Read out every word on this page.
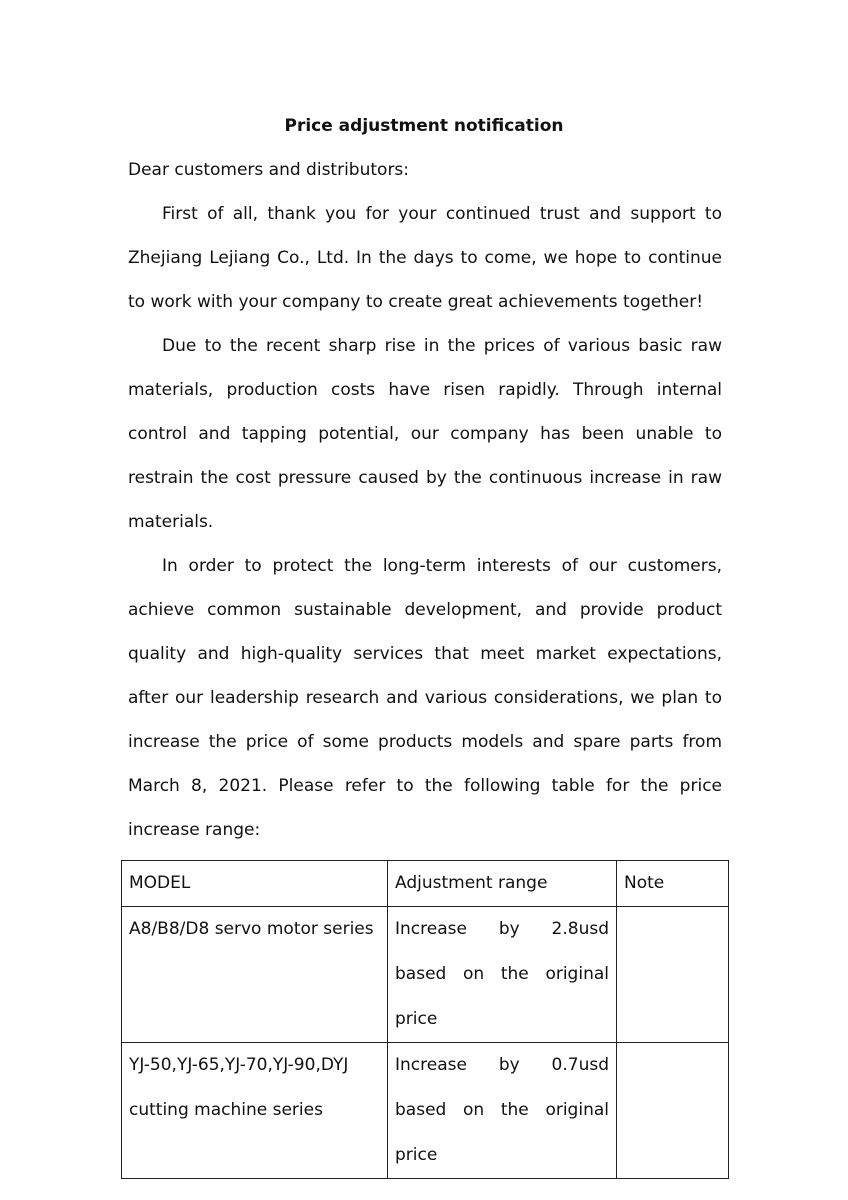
Price adjustment notification
Dear customers and distributors:

First of all, thank you for your continued trust and support to Zhejiang Lejiang Co., Ltd. In the days to come, we hope to continue to work with your company to create great achievements together!

Due to the recent sharp rise in the prices of various basic raw materials, production costs have risen rapidly. Through internal control and tapping potential, our company has been unable to restrain the cost pressure caused by the continuous increase in raw materials.

In order to protect the long-term interests of our customers, achieve common sustainable development, and provide product quality and high-quality services that meet market expectations, after our leadership research and various considerations, we plan to increase the price of some products models and spare parts from March 8, 2021. Please refer to the following table for the price increase range:

MODEL	Adjustment range	Note
A8/B8/D8 servo motor series	Increase by 2.8usd based on the original price	
YJ-50,YJ-65,YJ-70,YJ-90,DYJ cutting machine series	Increase by 0.7usd based on the original price	
